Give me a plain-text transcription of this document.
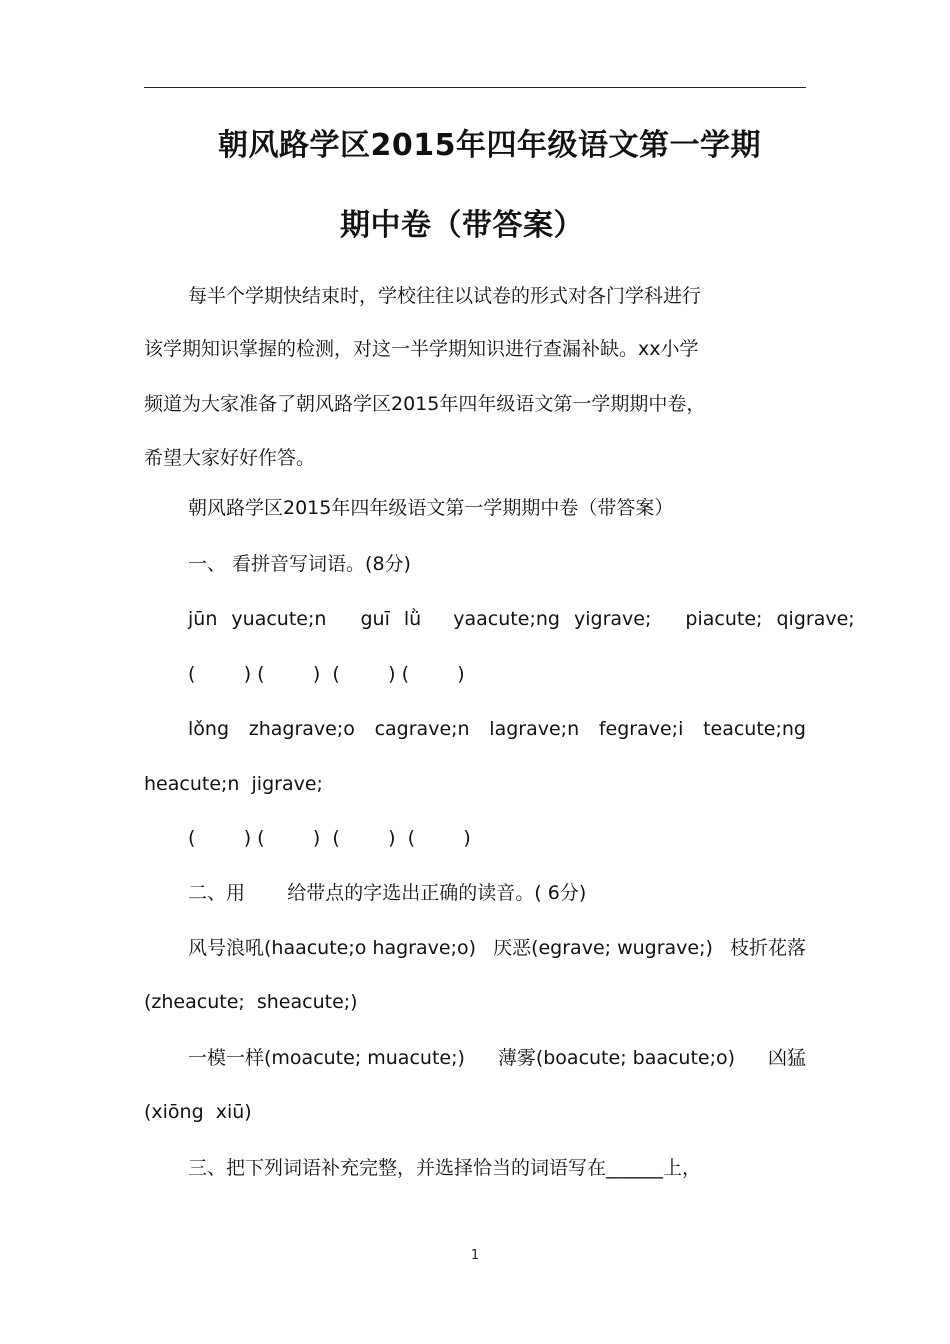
朝风路学区2015年四年级语文第一学期
期中卷（带答案）
每半个学期快结束时，学校往往以试卷的形式对各门学科进行
该学期知识掌握的检测，对这一半学期知识进行查漏补缺。xx小学
频道为大家准备了朝风路学区2015年四年级语文第一学期期中卷，
希望大家好好作答。
朝风路学区2015年四年级语文第一学期期中卷（带答案）
一、 看拼音写词语。(8分)
jūn yuacute;n guī lǜ yaacute;ng yigrave; piacute; qigrave;
(        ) (        )  (        ) (        )
lǒng zhagrave;o cagrave;n lagrave;n fegrave;i teacute;ng
heacute;n  jigrave;
(        ) (        )  (        )  (        )
二、用       给带点的字选出正确的读音。( 6分)
风号浪吼(haacute;o hagrave;o) 厌恶(egrave; wugrave;) 枝折花落
(zheacute;  sheacute;)
一模一样(moacute; muacute;) 薄雾(boacute; baacute;o) 凶猛
(xiōng  xiū)
三、把下列词语补充完整，并选择恰当的词语写在______上，
1
